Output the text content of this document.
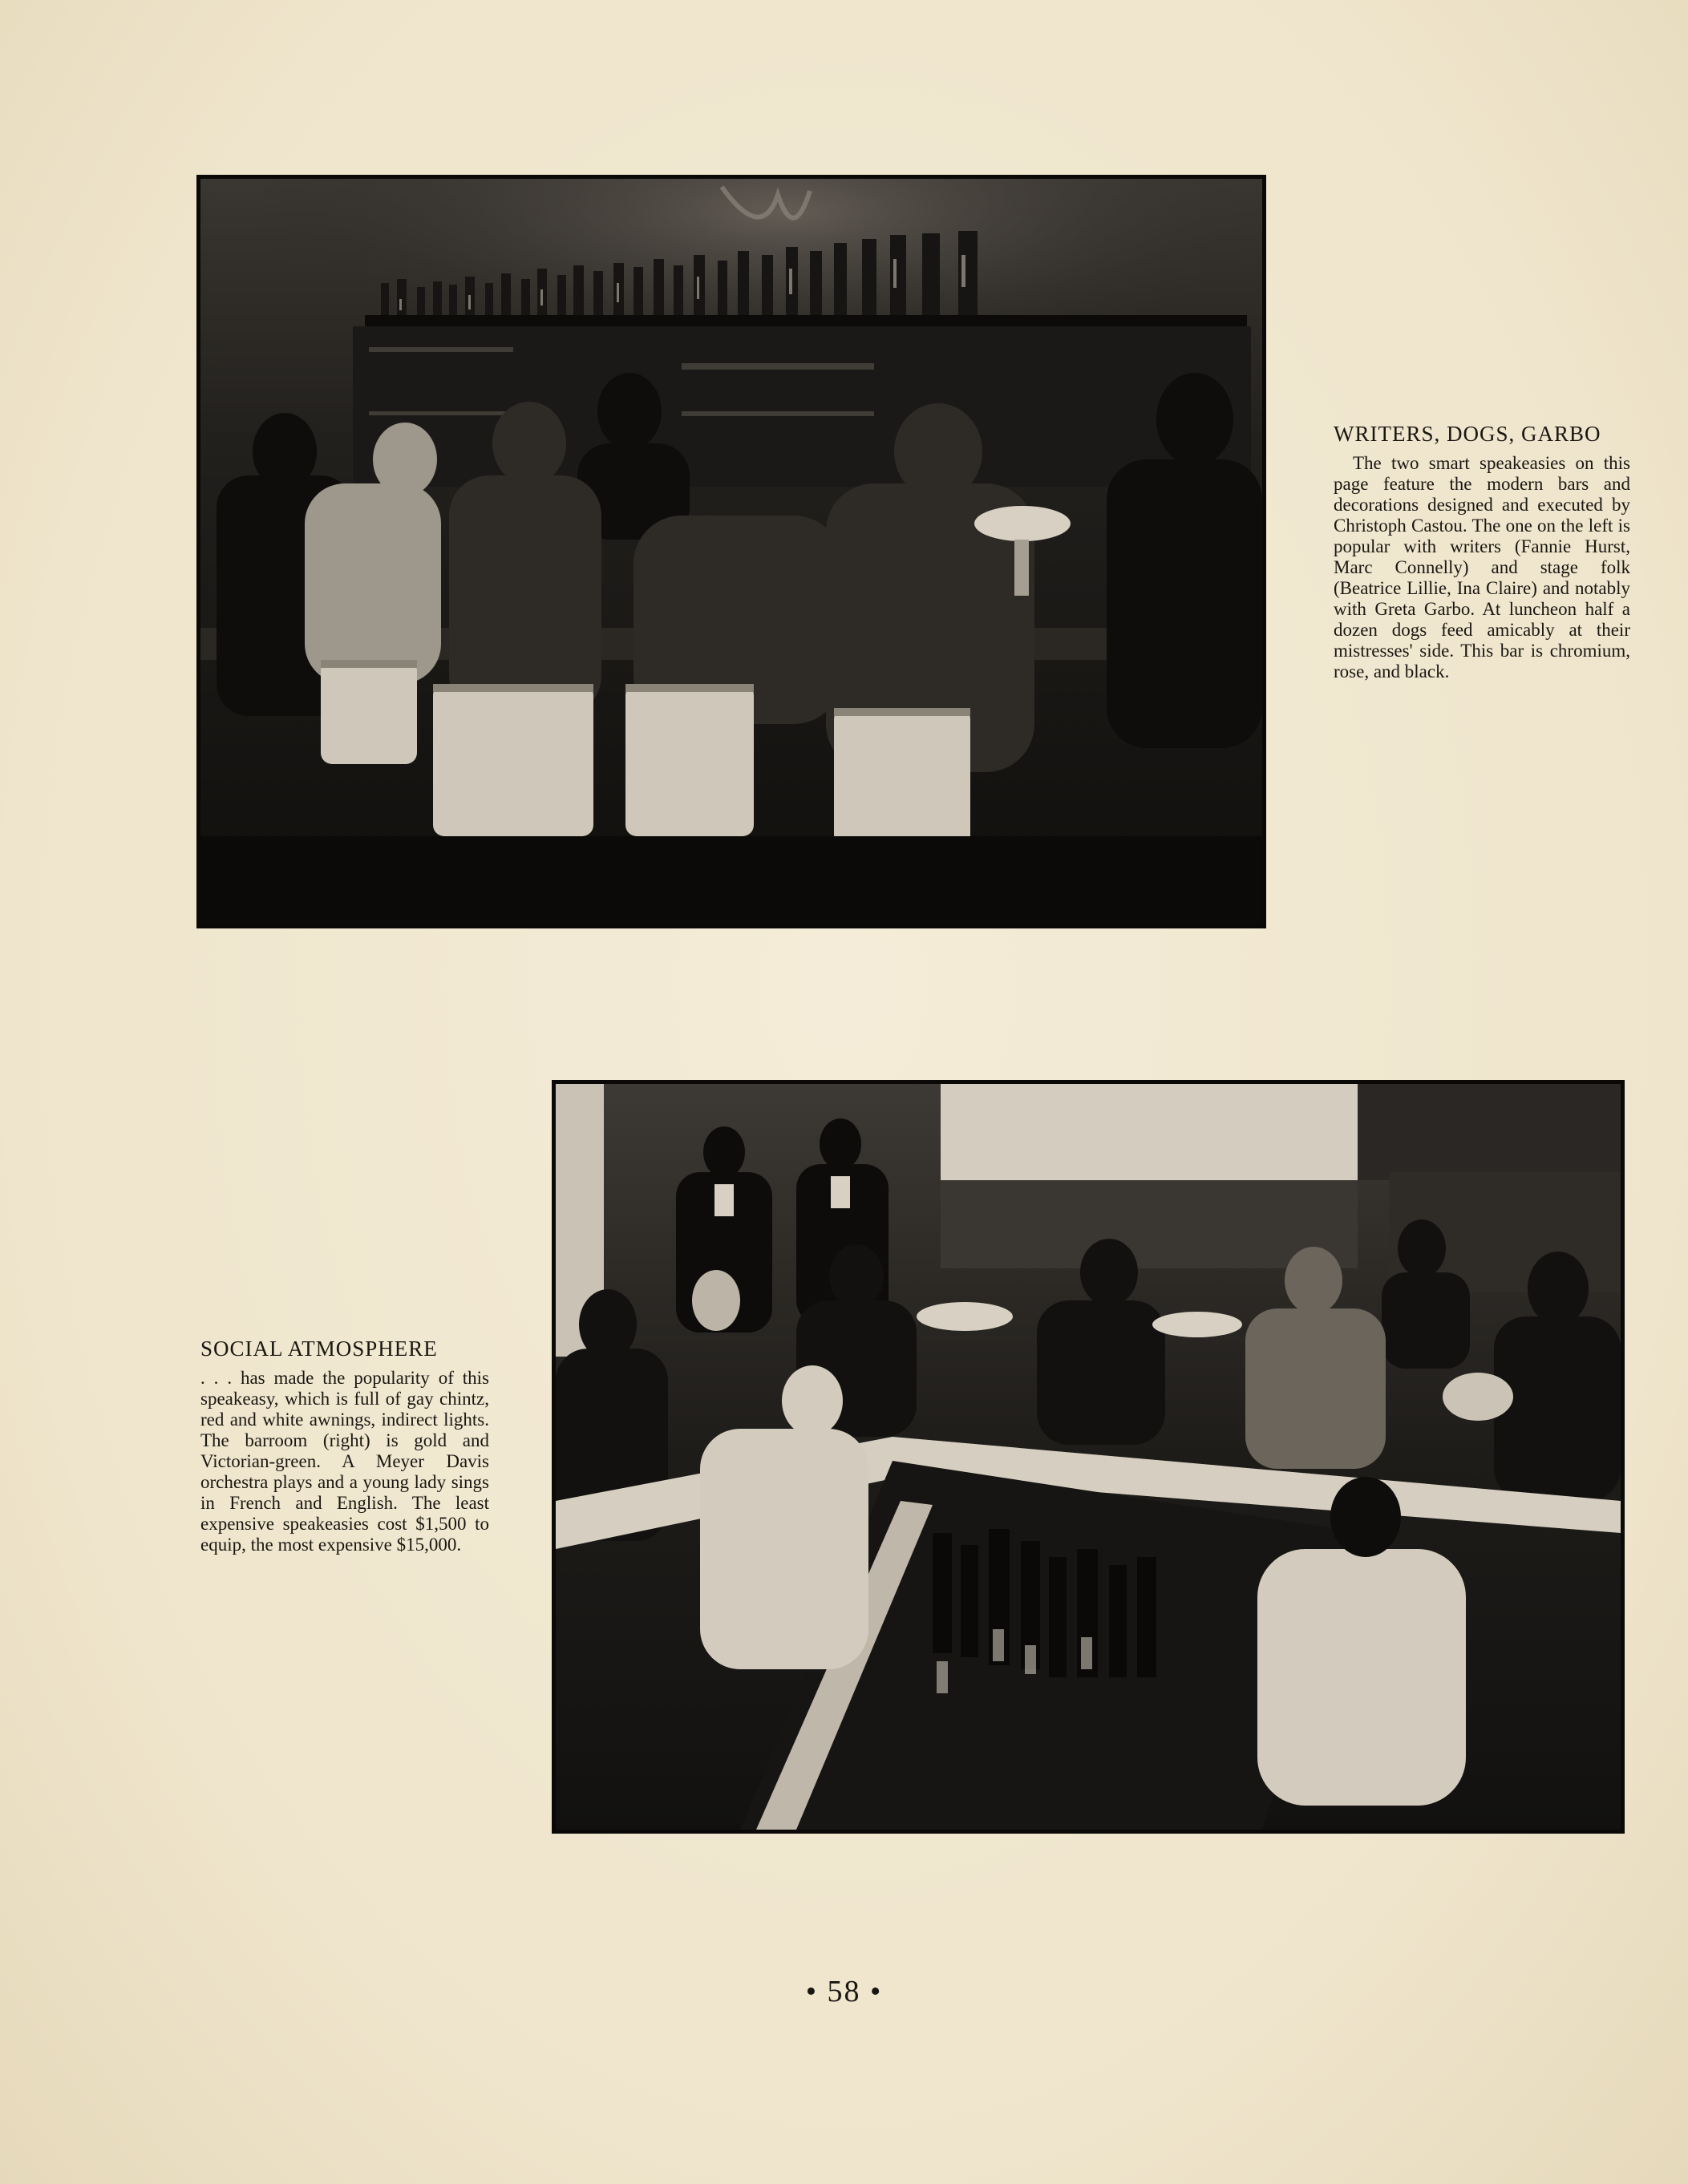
WRITERS, DOGS, GARBO

The two smart speakeasies on this page feature the modern bars and decorations designed and executed by Christoph Castou. The one on the left is popular with writers (Fannie Hurst, Marc Connelly) and stage folk (Beatrice Lillie, Ina Claire) and notably with Greta Garbo. At luncheon half a dozen dogs feed amicably at their mistresses' side. This bar is chromium, rose, and black.

SOCIAL ATMOSPHERE

. . . has made the popularity of this speakeasy, which is full of gay chintz, red and white awnings, indirect lights. The barroom (right) is gold and Victorian-green. A Meyer Davis orchestra plays and a young lady sings in French and English. The least expensive speakeasies cost $1,500 to equip, the most expensive $15,000.

• 58 •
